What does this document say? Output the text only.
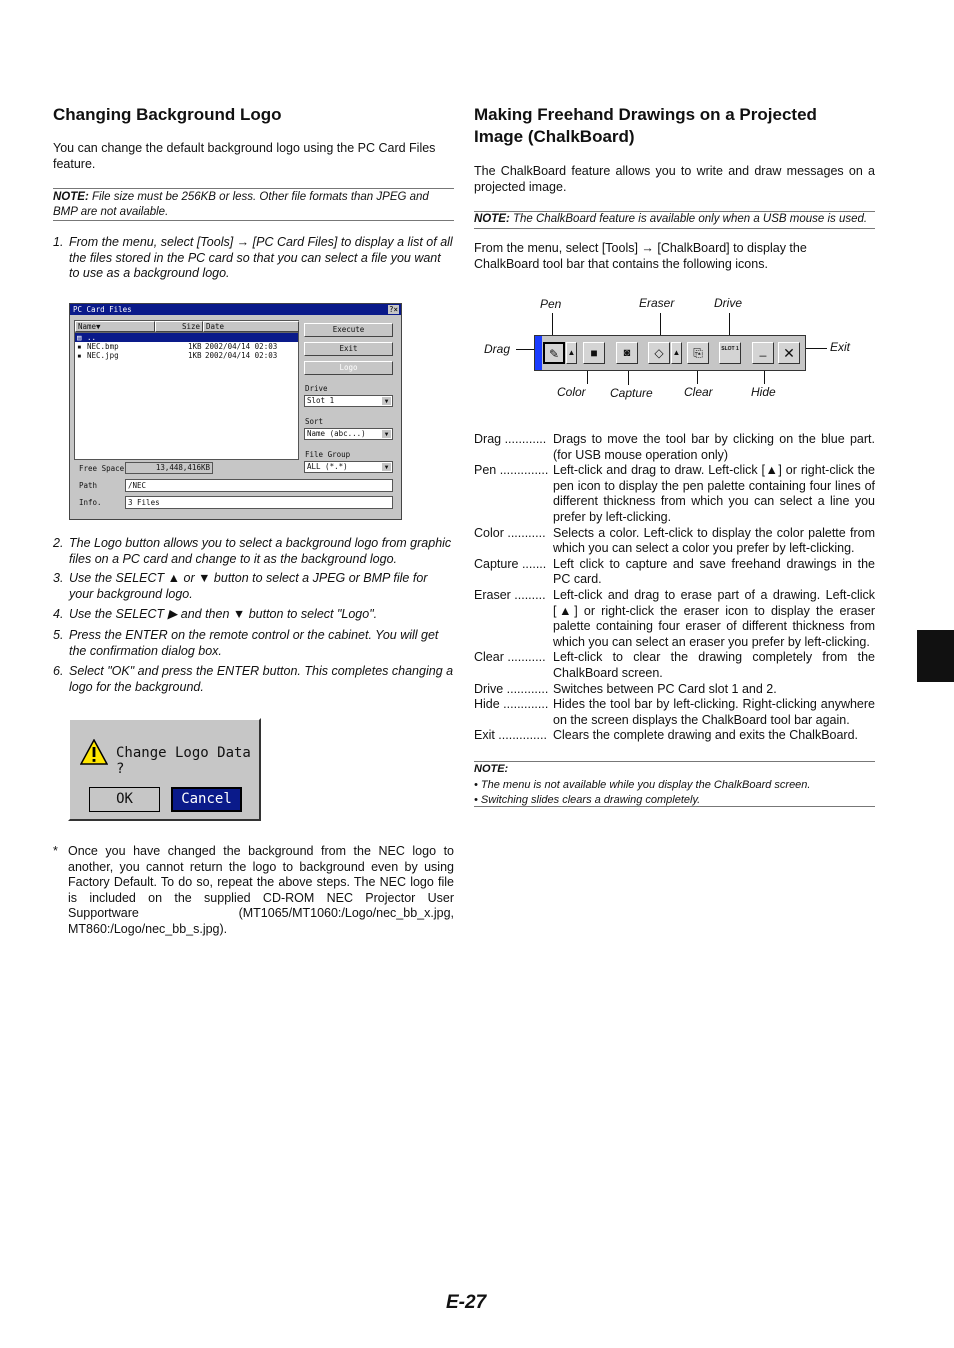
Changing Background Logo
You can change the default background logo using the PC Card Files feature.
NOTE: File size must be 256KB or less. Other file formats than JPEG and BMP are not available.
1. From the menu, select [Tools] → [PC Card Files] to display a list of all the files stored in the PC card so that you can select a file you want to use as a background logo.
PC Card Files	?×
Name▼	Size Date
▤ ..
▪ NEC.bmp	1KB 2002/04/14 02:03
▪ NEC.jpg	1KB 2002/04/14 02:03
Execute
Exit
Logo
Drive
Slot 1	▼
Sort
Name (abc...)	▼
File Group
ALL (*.*)	▼
Free Space	13,448,416KB
Path	/NEC
Info.	3 Files
2. The Logo button allows you to select a background logo from graphic files on a PC card and change to it as the background logo.
3. Use the SELECT ▲ or ▼ button to select a JPEG or BMP file for your background logo.
4. Use the SELECT ▶ and then ▼ button to select "Logo".
5. Press the ENTER on the remote control or the cabinet. You will get the confirmation dialog box.
6. Select "OK" and press the ENTER button. This completes changing a logo for the background.
Change Logo Data ?
OK	Cancel
* Once you have changed the background from the NEC logo to another, you cannot return the logo to background even by using Factory Default. To do so, repeat the above steps. The NEC logo file is included on the supplied CD-ROM NEC Projector User Supportware (MT1065/MT1060:/Logo/nec_bb_x.jpg, MT860:/Logo/nec_bb_s.jpg).
Making Freehand Drawings on a Projected
Image (ChalkBoard)
The ChalkBoard feature allows you to write and draw messages on a projected image.
NOTE: The ChalkBoard feature is available only when a USB mouse is used.
From the menu, select [Tools] → [ChalkBoard] to display the ChalkBoard tool bar that contains the following icons.
Pen	Eraser	Drive
Drag	Exit
Color Capture	Clear	Hide
✎	▲	■	◙	◇	▲	⎘	SLOT 1	_	✕
Drag ............ Drags to move the tool bar by clicking on the blue part. (for USB mouse operation only)
Pen .............. Left-click and drag to draw. Left-click [▲] or right-click the pen icon to display the pen palette containing four lines of different thickness from which you can select a line you prefer by left-clicking.
Color ........... Selects a color. Left-click to display the color palette from which you can select a color you prefer by left-clicking.
Capture ....... Left click to capture and save freehand drawings in the PC card.
Eraser ......... Left-click and drag to erase part of a drawing. Left-click [▲] or right-click the eraser icon to display the eraser palette containing four eraser of different thickness from which you can select an eraser you prefer by left-clicking.
Clear ........... Left-click to clear the drawing completely from the ChalkBoard screen.
Drive ............ Switches between PC Card slot 1 and 2.
Hide ............. Hides the tool bar by left-clicking. Right-clicking anywhere on the screen displays the ChalkBoard tool bar again.
Exit .............. Clears the complete drawing and exits the ChalkBoard.
NOTE:
• The menu is not available while you display the ChalkBoard screen.
• Switching slides clears a drawing completely.
E-27
